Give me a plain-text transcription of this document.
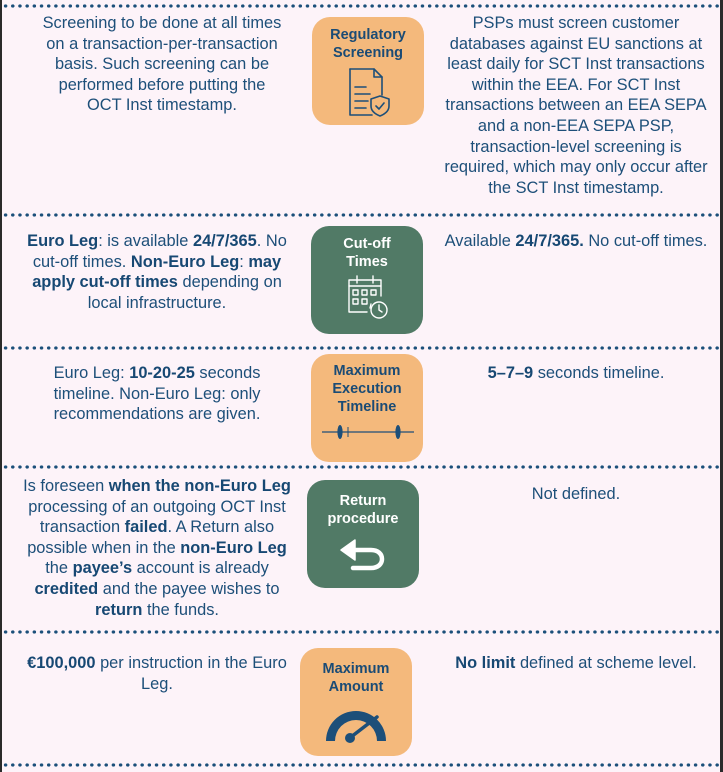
Screening to be done at all times on a transaction-per-transaction basis. Such screening can be performed before putting the OCT Inst timestamp.
Regulatory
Screening
PSPs must screen customer databases against EU sanctions at least daily for SCT Inst transactions within the EEA. For SCT Inst transactions between an EEA SEPA and a non-EEA SEPA PSP, transaction-level screening is required, which may only occur after the SCT Inst timestamp.
Euro Leg: is available 24/7/365. No cut-off times. Non-Euro Leg: may apply cut-off times depending on local infrastructure.
Cut-off
Times
Available 24/7/365. No cut-off times.
Euro Leg: 10-20-25 seconds timeline. Non-Euro Leg: only recommendations are given.
Maximum
Execution
Timeline
5–7–9 seconds timeline.
Is foreseen when the non-Euro Leg processing of an outgoing OCT Inst transaction failed. A Return also possible when in the non-Euro Leg the payee’s account is already credited and the payee wishes to return the funds.
Return
procedure
Not defined.
€100,000 per instruction in the Euro Leg.
Maximum
Amount
No limit defined at scheme level.
